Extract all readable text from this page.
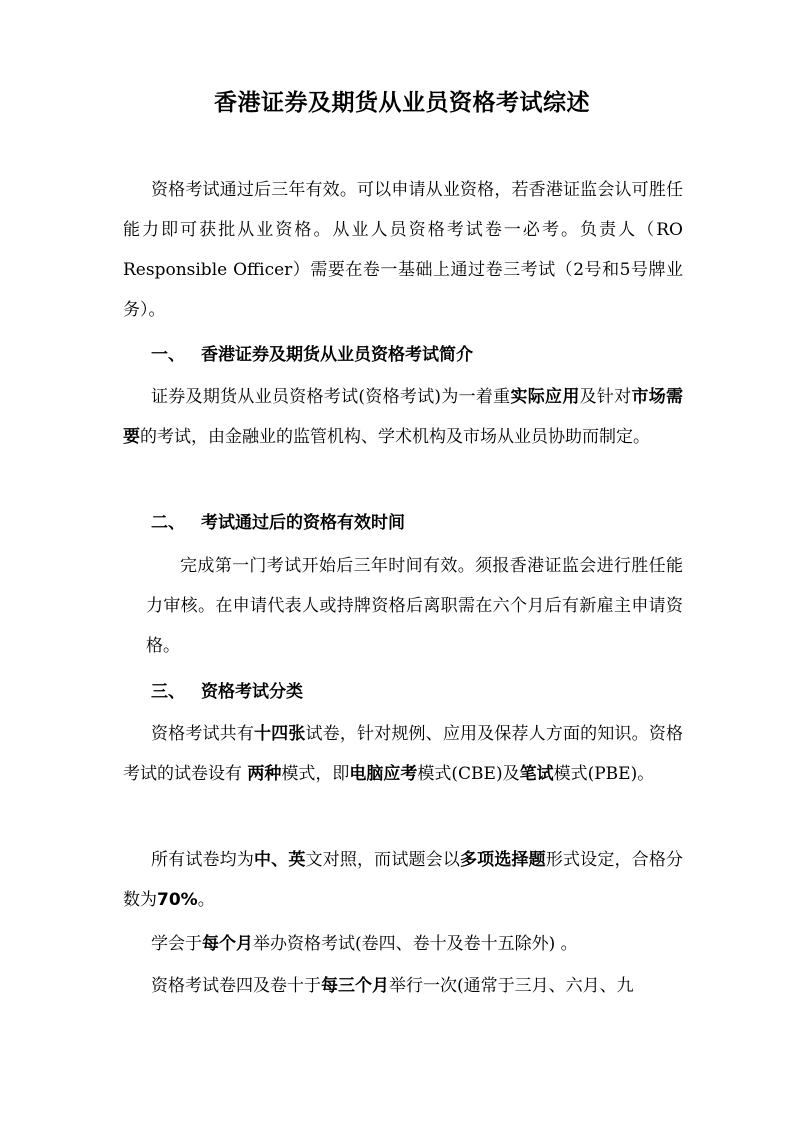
香港证券及期货从业员资格考试综述

资格考试通过后三年有效。可以申请从业资格，若香港证监会认可胜任能力即可获批从业资格。从业人员资格考试卷一必考。负责人（RO Responsible Officer）需要在卷一基础上通过卷三考试（2号和5号牌业务）。

一、 香港证券及期货从业员资格考试简介

证券及期货从业员资格考试(资格考试)为一着重实际应用及针对市场需要的考试，由金融业的监管机构、学术机构及市场从业员协助而制定。

二、 考试通过后的资格有效时间

完成第一门考试开始后三年时间有效。须报香港证监会进行胜任能力审核。在申请代表人或持牌资格后离职需在六个月后有新雇主申请资格。

三、 资格考试分类

资格考试共有十四张试卷，针对规例、应用及保荐人方面的知识。资格考试的试卷设有 两种模式，即电脑应考模式(CBE)及笔试模式(PBE)。

所有试卷均为中、英文对照，而试题会以多项选择题形式设定，合格分数为70%。

学会于每个月举办资格考试(卷四、卷十及卷十五除外) 。

资格考试卷四及卷十于每三个月举行一次(通常于三月、六月、九
